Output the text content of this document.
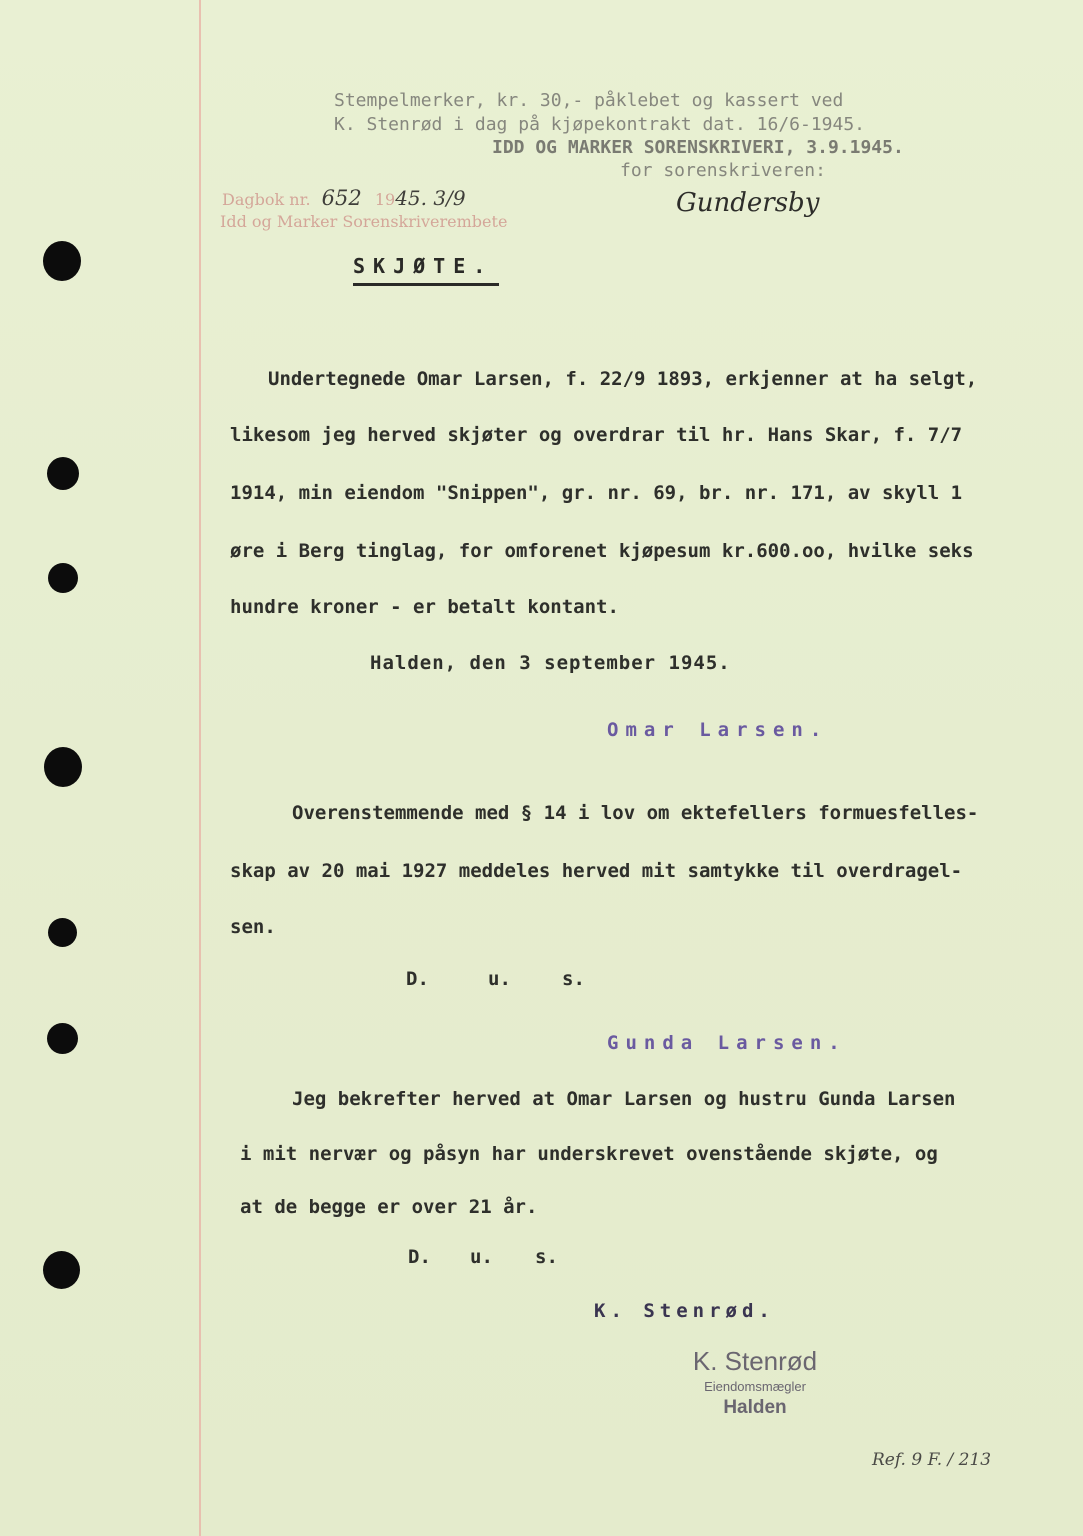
Stempelmerker, kr. 30,- påklebet og kassert ved
K. Stenrød i dag på kjøpekontrakt dat. 16/6-1945.
IDD OG MARKER SORENSKRIVERI, 3.9.1945.
for sorenskriveren:
Gundersby
Dagbok nr. 652 1945. 3/9
Idd og Marker Sorenskriverembete
SKJØTE.
Undertegnede Omar Larsen, f. 22/9 1893, erkjenner at ha selgt,
likesom jeg herved skjøter og overdrar til hr. Hans Skar, f. 7/7
1914, min eiendom "Snippen", gr. nr. 69, br. nr. 171, av skyll 1
øre i Berg tinglag, for omforenet kjøpesum kr.600.oo, hvilke seks
hundre kroner - er betalt kontant.
Halden, den 3 september 1945.
Omar Larsen.
Overenstemmende med § 14 i lov om ektefellers formuesfelles-
skap av 20 mai 1927 meddeles herved mit samtykke til overdragel-
sen.
D.	u.	s.
Gunda Larsen.
Jeg bekrefter herved at Omar Larsen og hustru Gunda Larsen
i mit nervær og påsyn har underskrevet ovenstående skjøte, og
at de begge er over 21 år.
D. u. s.
K. Stenrød.
K. Stenrød
Eiendomsmægler
Halden
Ref. 9 F. / 213
